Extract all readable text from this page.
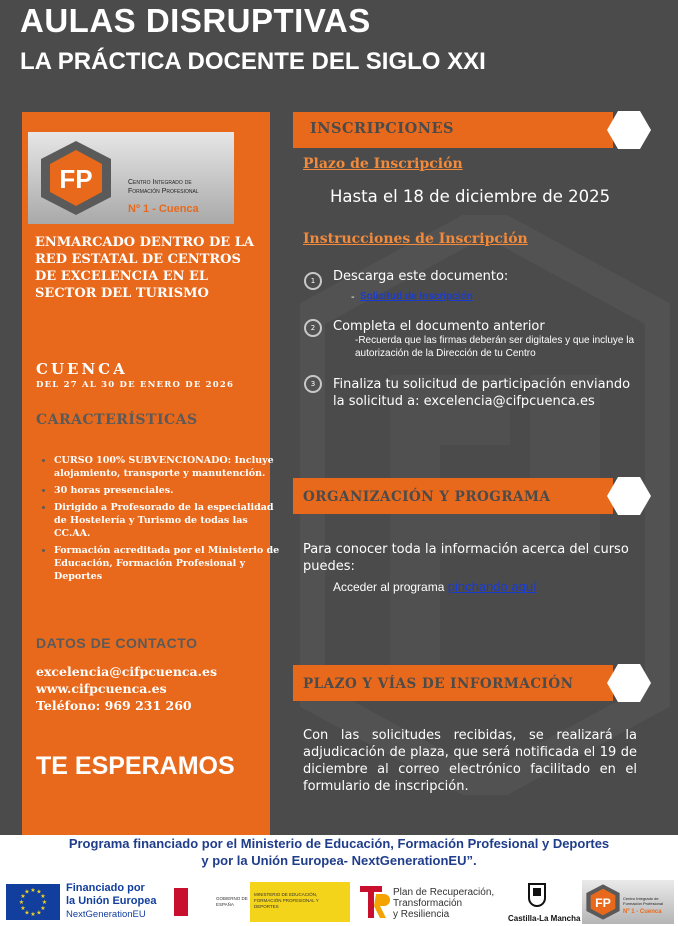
AULAS DISRUPTIVAS
LA PRÁCTICA DOCENTE DEL SIGLO XXI
FP	Centro Integrado de
Formación Profesional
Nº 1 - Cuenca
ENMARCADO DENTRO DE LA RED ESTATAL DE CENTROS DE EXCELENCIA EN EL SECTOR DEL TURISMO
CUENCA
DEL 27 AL 30 DE ENERO DE 2026
CARACTERÍSTICAS
• CURSO 100% SUBVENCIONADO: Incluye alojamiento, transporte y manutención.
• 30 horas presenciales.
• Dirigido a Profesorado de la especialidad de Hostelería y Turismo de todas las CC.AA.
• Formación acreditada por el Ministerio de Educación, Formación Profesional y Deportes
DATOS DE CONTACTO
excelencia@cifpcuenca.es
www.cifpcuenca.es
Teléfono: 969 231 260
TE ESPERAMOS
INSCRIPCIONES
Plazo de Inscripción
Hasta el 18 de diciembre de 2025
Instrucciones de Inscripción
1	Descarga este documento:
- Solicitud de Inscripción
2	Completa el documento anterior
-Recuerda que las firmas deberán ser digitales y que incluye la autorización de la Dirección de tu Centro
3	Finaliza tu solicitud de participación enviando la solicitud a: excelencia@cifpcuenca.es
ORGANIZACIÓN Y PROGRAMA
Para conocer toda la información acerca del curso puedes:
Acceder al programa pinchando aquí
PLAZO Y VÍAS DE INFORMACIÓN
Con las solicitudes recibidas, se realizará la adjudicación de plaza, que será notificada el 19 de diciembre al correo electrónico facilitado en el formulario de inscripción.
Programa financiado por el Ministerio de Educación, Formación Profesional y Deportes
y por la Unión Europea- NextGenerationEU”.
★ ★
★
★
★
★
★
★
★
★
★
★	Financiado por
la Unión Europea
NextGenerationEU
GOBIERNO DE ESPAÑA
MINISTERIO DE EDUCACIÓN, FORMACIÓN PROFESIONAL Y DEPORTES
Plan de Recuperación,
Transformación
y Resiliencia	Castilla-La Mancha
FP	Centro Integrado de
Formación Profesional
Nº 1 - Cuenca
